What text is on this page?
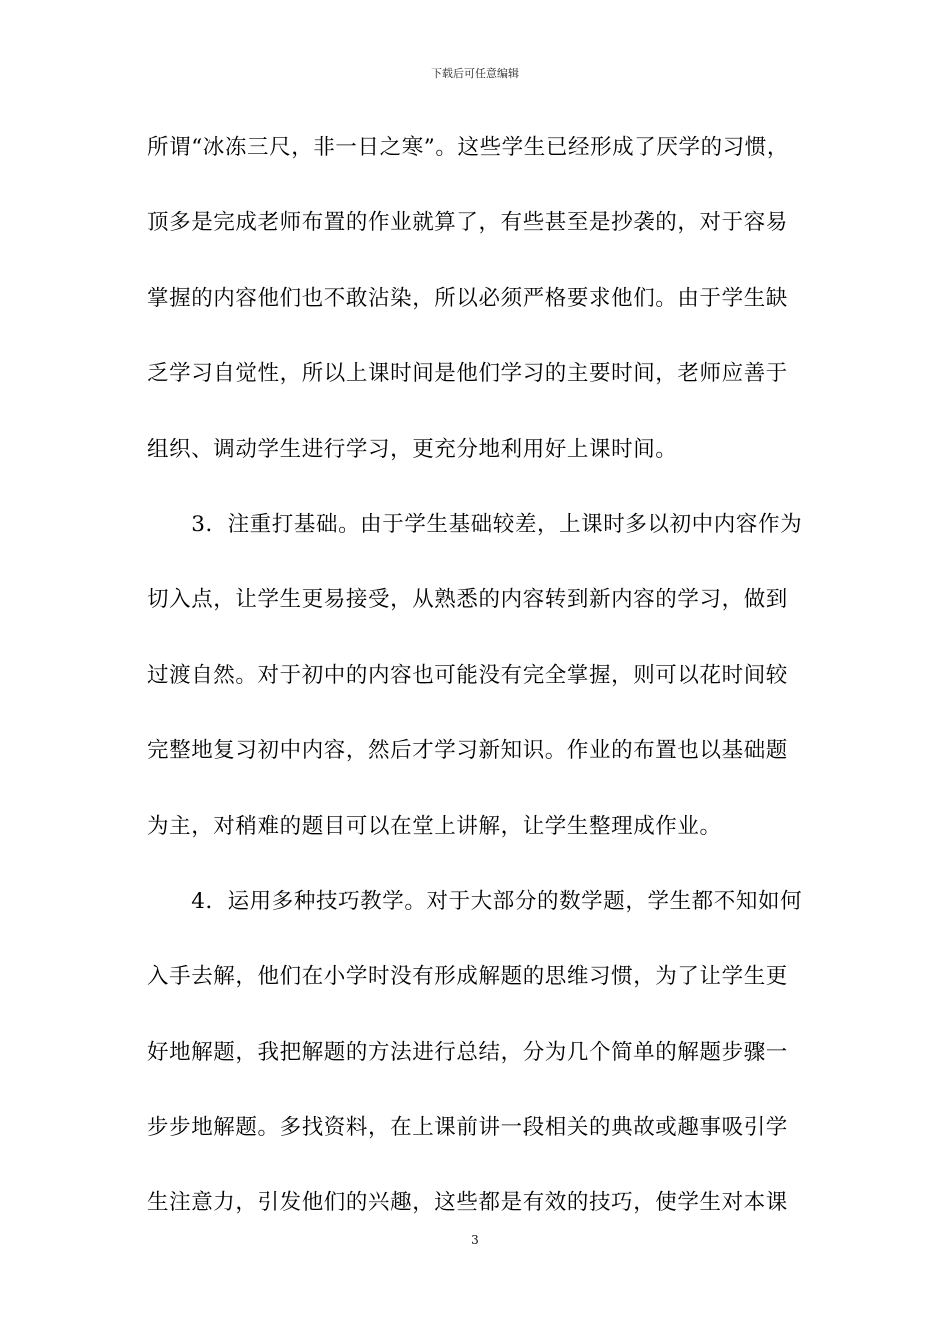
下载后可任意编辑
所谓“冰冻三尺，非一日之寒”。这些学生已经形成了厌学的习惯，
顶多是完成老师布置的作业就算了，有些甚至是抄袭的，对于容易
掌握的内容他们也不敢沾染，所以必须严格要求他们。由于学生缺
乏学习自觉性，所以上课时间是他们学习的主要时间，老师应善于
组织、调动学生进行学习，更充分地利用好上课时间。
　　3．注重打基础。由于学生基础较差，上课时多以初中内容作为
切入点，让学生更易接受，从熟悉的内容转到新内容的学习，做到
过渡自然。对于初中的内容也可能没有完全掌握，则可以花时间较
完整地复习初中内容，然后才学习新知识。作业的布置也以基础题
为主，对稍难的题目可以在堂上讲解，让学生整理成作业。
　　4．运用多种技巧教学。对于大部分的数学题，学生都不知如何
入手去解，他们在小学时没有形成解题的思维习惯，为了让学生更
好地解题，我把解题的方法进行总结，分为几个简单的解题步骤一
步步地解题。多找资料，在上课前讲一段相关的典故或趣事吸引学
生注意力，引发他们的兴趣，这些都是有效的技巧，使学生对本课
3
